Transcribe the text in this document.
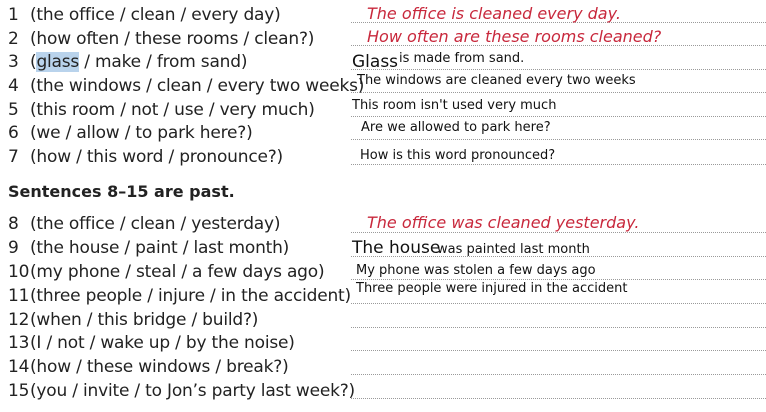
1 (the office / clean / every day)
2 (how often / these rooms / clean?)
3 (glass / make / from sand)
4 (the windows / clean / every two weeks)
5 (this room / not / use / very much)
6 (we / allow / to park here?)
7 (how / this word / pronounce?)
Sentences 8–15 are past.
8 (the office / clean / yesterday)
9 (the house / paint / last month)
10(my phone / steal / a few days ago)
11(three people / injure / in the accident)
12(when / this bridge / build?)
13(I / not / wake up / by the noise)
14(how / these windows / break?)
15(you / invite / to Jon’s party last week?)
The office is cleaned every day.
How often are these rooms cleaned?
Glass is made from sand.
The windows are cleaned every two weeks
This room isn't used very much
Are we allowed to park here?
How is this word pronounced?
The office was cleaned yesterday.
The house
was painted last month
My phone was stolen a few days ago
Three people were injured in the accident
